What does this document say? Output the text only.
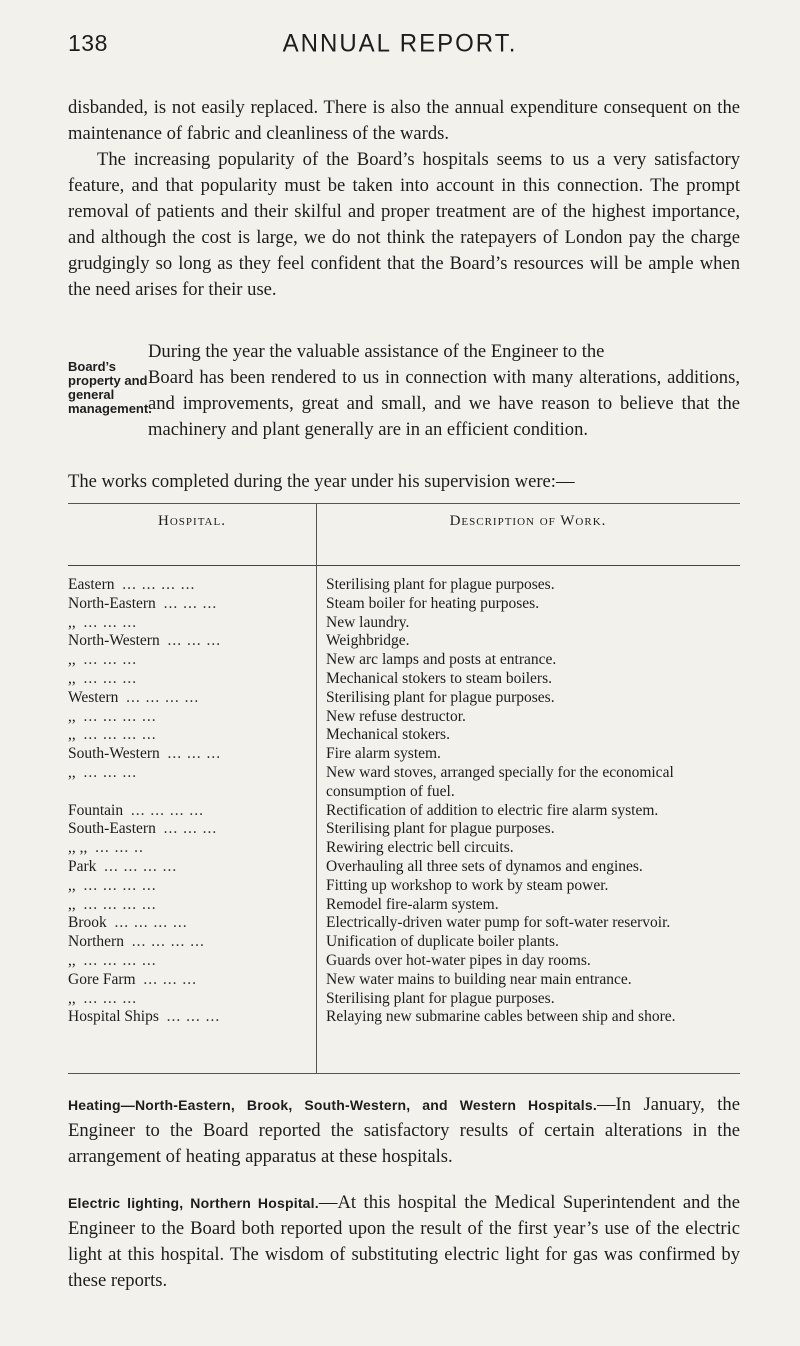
138	ANNUAL REPORT.
disbanded, is not easily replaced. There is also the annual expenditure consequent on the maintenance of fabric and cleanliness of the wards.
The increasing popularity of the Board’s hospitals seems to us a very satisfactory feature, and that popularity must be taken into account in this connection. The prompt removal of patients and their skilful and proper treatment are of the highest importance, and although the cost is large, we do not think the ratepayers of London pay the charge grudgingly so long as they feel confident that the Board’s resources will be ample when the need arises for their use.
Board’s property and general management.
During the year the valuable assistance of the Engineer to the
Board has been rendered to us in connection with many alterations, additions, and improvements, great and small, and we have reason to believe that the machinery and plant generally are in an efficient condition.
The works completed during the year under his supervision were:—
Hospital.	Description of Work.
Eastern ... ... ... ...	Sterilising plant for plague purposes.
North-Eastern ... ... ...	Steam boiler for heating purposes.
,, ... ... ...	New laundry.
North-Western ... ... ...	Weighbridge.
,, ... ... ...	New arc lamps and posts at entrance.
,, ... ... ...	Mechanical stokers to steam boilers.
Western ... ... ... ...	Sterilising plant for plague purposes.
,, ... ... ... ...	New refuse destructor.
,, ... ... ... ...	Mechanical stokers.
South-Western ... ... ...	Fire alarm system.
,, ... ... ...	New ward stoves, arranged specially for the economical consumption of fuel.
Fountain ... ... ... ...	Rectification of addition to electric fire alarm system.
South-Eastern ... ... ...	Sterilising plant for plague purposes.
,, ,, ... ... ..	Rewiring electric bell circuits.
Park ... ... ... ...	Overhauling all three sets of dynamos and engines.
,, ... ... ... ...	Fitting up workshop to work by steam power.
,, ... ... ... ...	Remodel fire-alarm system.
Brook ... ... ... ...	Electrically-driven water pump for soft-water reservoir.
Northern ... ... ... ...	Unification of duplicate boiler plants.
,, ... ... ... ...	Guards over hot-water pipes in day rooms.
Gore Farm ... ... ...	New water mains to building near main entrance.
,, ... ... ...	Sterilising plant for plague purposes.
Hospital Ships ... ... ...	Relaying new submarine cables between ship and shore.
Heating—North-Eastern, Brook, South-Western, and Western Hospitals.—In January, the Engineer to the Board reported the satisfactory results of certain alterations in the arrangement of heating apparatus at these hospitals.
Electric lighting, Northern Hospital.—At this hospital the Medical Superintendent and the Engineer to the Board both reported upon the result of the first year’s use of the electric light at this hospital. The wisdom of substituting electric light for gas was confirmed by these reports.
